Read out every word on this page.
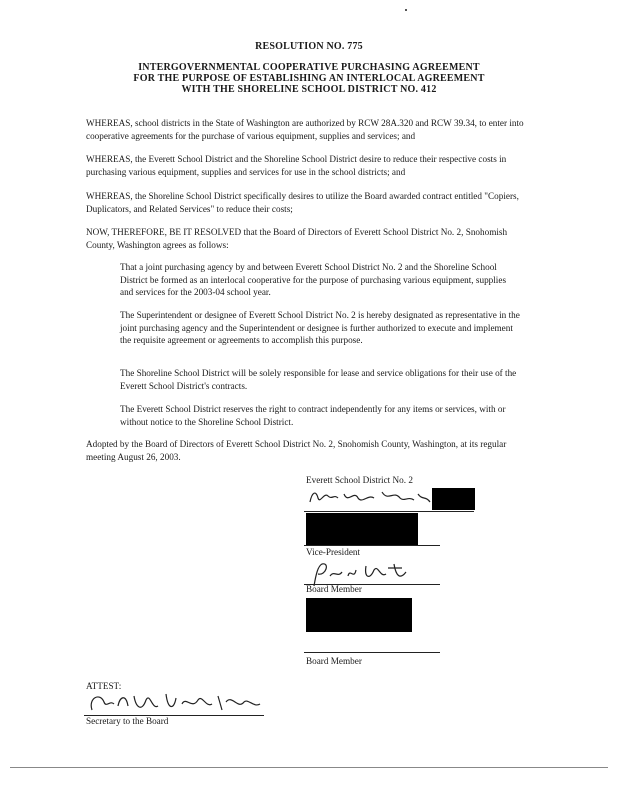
RESOLUTION NO. 775
INTERGOVERNMENTAL COOPERATIVE PURCHASING AGREEMENT
FOR THE PURPOSE OF ESTABLISHING AN INTERLOCAL AGREEMENT
WITH THE SHORELINE SCHOOL DISTRICT NO. 412
WHEREAS, school districts in the State of Washington are authorized by RCW 28A.320 and RCW 39.34, to enter into cooperative agreements for the purchase of various equipment, supplies and services; and
WHEREAS, the Everett School District and the Shoreline School District desire to reduce their respective costs in purchasing various equipment, supplies and services for use in the school districts; and
WHEREAS, the Shoreline School District specifically desires to utilize the Board awarded contract entitled "Copiers, Duplicators, and Related Services" to reduce their costs;
NOW, THEREFORE, BE IT RESOLVED that the Board of Directors of Everett School District No. 2, Snohomish County, Washington agrees as follows:
That a joint purchasing agency by and between Everett School District No. 2 and the Shoreline School District be formed as an interlocal cooperative for the purpose of purchasing various equipment, supplies and services for the 2003-04 school year.
The Superintendent or designee of Everett School District No. 2 is hereby designated as representative in the joint purchasing agency and the Superintendent or designee is further authorized to execute and implement the requisite agreement or agreements to accomplish this purpose.
The Shoreline School District will be solely responsible for lease and service obligations for their use of the Everett School District's contracts.
The Everett School District reserves the right to contract independently for any items or services, with or without notice to the Shoreline School District.
Adopted by the Board of Directors of Everett School District No. 2, Snohomish County, Washington, at its regular meeting August 26, 2003.
Everett School District No. 2
Vice-President
Board Member
Board Member
ATTEST:
Secretary to the Board
